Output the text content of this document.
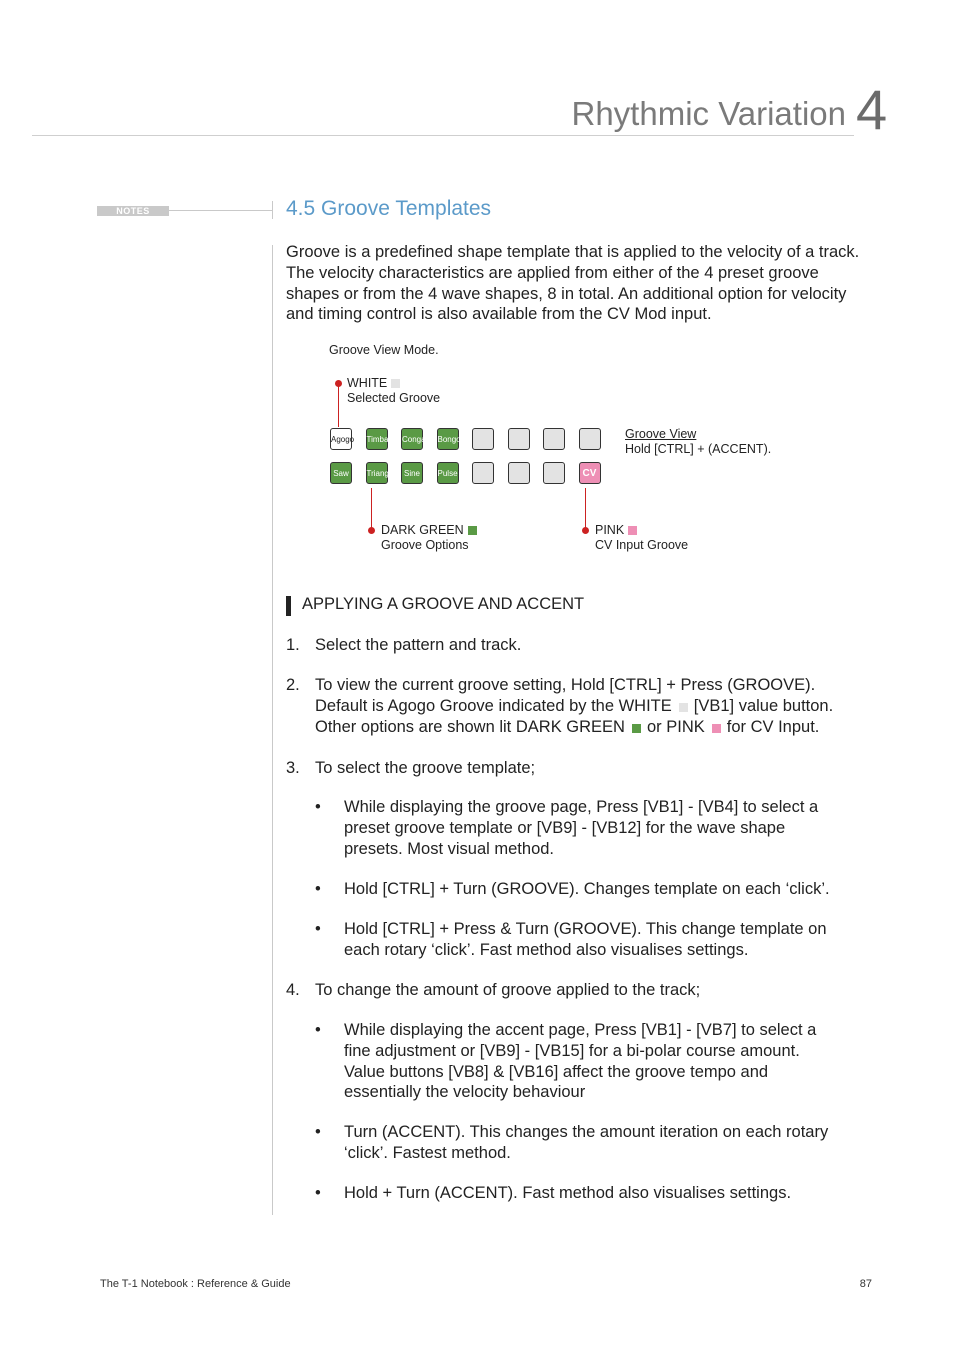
Rhythmic Variation 4
NOTES	4.5 Groove Templates
Groove is a predefined shape template that is applied to the velocity of a track. The velocity characteristics are applied from either of the 4 preset groove shapes or from the 4 wave shapes, 8 in total. An additional option for velocity and timing control is also available from the CV Mod input.
Groove View Mode.
WHITE
Selected Groove
Agogo Timbales Congas Bongo
Saw	Triangle	Sine	Pulse	CV
Groove View
Hold [CTRL] + (ACCENT).
DARK GREEN
Groove Options
PINK
CV Input Groove
APPLYING A GROOVE AND ACCENT
1. Select the pattern and track.
2. To view the current groove setting, Hold [CTRL] + Press (GROOVE).
Default is Agogo Groove indicated by the WHITE [VB1] value button.
Other options are shown lit DARK GREEN or PINK for CV Input.
3. To select the groove template;
• While displaying the groove page, Press [VB1] - [VB4] to select a
preset groove template or [VB9] - [VB12] for the wave shape
presets. Most visual method.
• Hold [CTRL] + Turn (GROOVE). Changes template on each ‘click’.
• Hold [CTRL] + Press & Turn (GROOVE). This change template on
each rotary ‘click’. Fast method also visualises settings.
4. To change the amount of groove applied to the track;
• While displaying the accent page, Press [VB1] - [VB7] to select a
fine adjustment or [VB9] - [VB15] for a bi-polar course amount.
Value buttons [VB8] & [VB16] affect the groove tempo and
essentially the velocity behaviour
• Turn (ACCENT). This changes the amount iteration on each rotary
‘click’. Fastest method.
• Hold + Turn (ACCENT). Fast method also visualises settings.
The T-1 Notebook : Reference & Guide	87
